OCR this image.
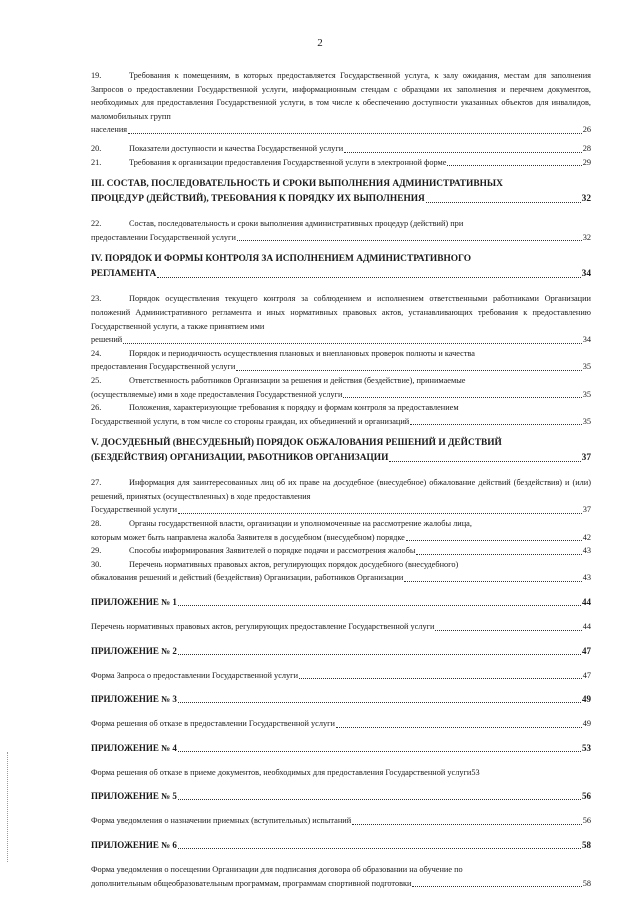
2
19.	Требования к помещениям, в которых предоставляется Государственной услуга, к залу ожидания, местам для заполнения Запросов о предоставлении Государственной услуги, информационным стендам с образцами их заполнения и перечнем документов, необходимых для предоставления Государственной услуги, в том числе к обеспечению доступности указанных объектов для инвалидов, маломобильных групп
населения	26
20.	Показатели доступности и качества Государственной услуги	28
21.	Требования к организации предоставления Государственной услуги в электронной форме	29
III. СОСТАВ, ПОСЛЕДОВАТЕЛЬНОСТЬ И СРОКИ ВЫПОЛНЕНИЯ АДМИНИСТРАТИВНЫХ
ПРОЦЕДУР (ДЕЙСТВИЙ), ТРЕБОВАНИЯ К ПОРЯДКУ ИХ ВЫПОЛНЕНИЯ	32
22.	Состав, последовательность и сроки выполнения административных процедур (действий) при
предоставлении Государственной услуги	32
IV. ПОРЯДОК И ФОРМЫ КОНТРОЛЯ ЗА ИСПОЛНЕНИЕМ АДМИНИСТРАТИВНОГО
РЕГЛАМЕНТА	34
23.	Порядок осуществления текущего контроля за соблюдением и исполнением ответственными работниками Организации положений Административного регламента и иных нормативных правовых актов, устанавливающих требования к предоставлению Государственной услуги, а также принятием ими
решений	34
24.	Порядок и периодичность осуществления плановых и внеплановых проверок полноты и качества
предоставления Государственной услуги	35
25.	Ответственность работников Организации за решения и действия (бездействие), принимаемые
(осуществляемые) ими в ходе предоставления Государственной услуги	35
26.	Положения, характеризующие требования к порядку и формам контроля за предоставлением
Государственной услуги, в том числе со стороны граждан, их объединений и организаций	35
V. ДОСУДЕБНЫЙ (ВНЕСУДЕБНЫЙ) ПОРЯДОК ОБЖАЛОВАНИЯ РЕШЕНИЙ И ДЕЙСТВИЙ
(БЕЗДЕЙСТВИЯ) ОРГАНИЗАЦИИ, РАБОТНИКОВ ОРГАНИЗАЦИИ	37
27.	Информация для заинтересованных лиц об их праве на досудебное (внесудебное) обжалование действий (бездействия) и (или) решений, принятых (осуществленных) в ходе предоставления
Государственной услуги	37
28.	Органы государственной власти, организации и уполномоченные на рассмотрение жалобы лица,
которым может быть направлена жалоба Заявителя в досудебном (внесудебном) порядке	42
29.	Способы информирования Заявителей о порядке подачи и рассмотрения жалобы	43
30.	Перечень нормативных правовых актов, регулирующих порядок досудебного (внесудебного)
обжалования решений и действий (бездействия) Организации, работников Организации	43
ПРИЛОЖЕНИЕ № 1	44
Перечень нормативных правовых актов, регулирующих предоставление Государственной услуги	44
ПРИЛОЖЕНИЕ № 2	47
Форма Запроса о предоставлении Государственной услуги	47
ПРИЛОЖЕНИЕ № 3	49
Форма решения об отказе в предоставлении Государственной услуги	49
ПРИЛОЖЕНИЕ № 4	53
Форма решения об отказе в приеме документов, необходимых для предоставления Государственной услуги 53
ПРИЛОЖЕНИЕ № 5	56
Форма уведомления о назначении приемных (вступительных) испытаний	56
ПРИЛОЖЕНИЕ № 6	58
Форма уведомления о посещении Организации для подписания договора об образовании на обучение по
дополнительным общеобразовательным программам, программам спортивной подготовки	58
